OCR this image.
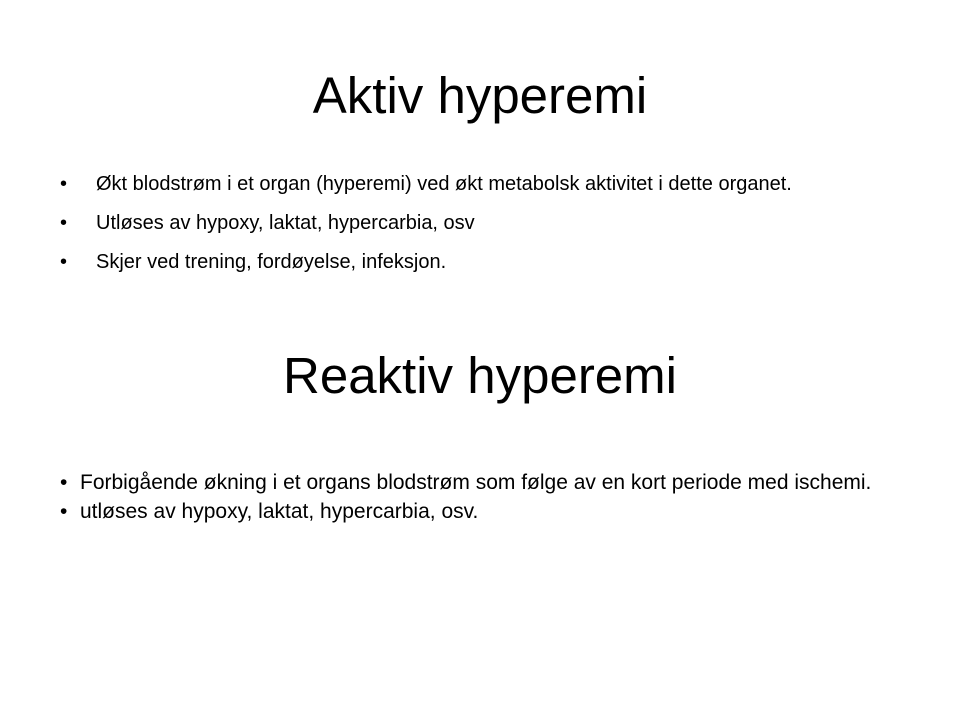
Aktiv hyperemi
• Økt blodstrøm i et organ (hyperemi) ved økt metabolsk aktivitet i dette organet.
• Utløses av hypoxy, laktat, hypercarbia, osv
• Skjer ved trening, fordøyelse, infeksjon.
Reaktiv hyperemi
• Forbigående økning i et organs blodstrøm som følge av en kort periode med ischemi.
• utløses av hypoxy, laktat, hypercarbia, osv.
